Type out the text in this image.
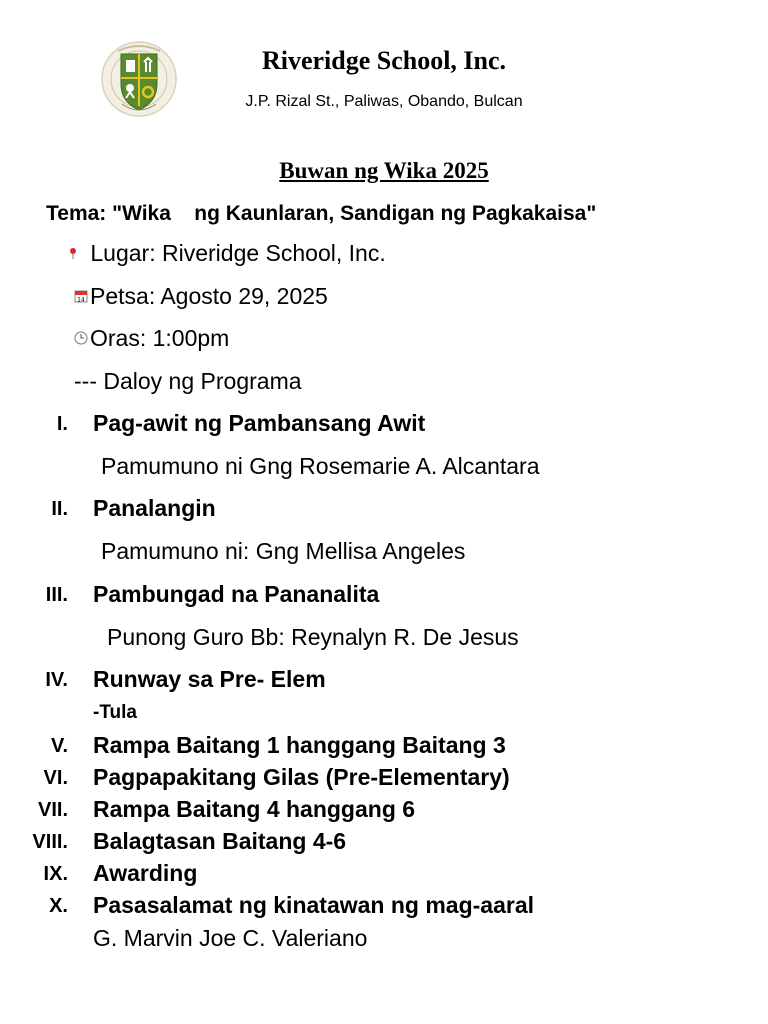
Riveridge School, Inc.
J.P. Rizal St., Paliwas, Obando, Bulcan
Buwan ng Wika 2025
Tema: "Wika    ng Kaunlaran, Sandigan ng Pagkakaisa"
Lugar: Riveridge School, Inc.
14 Petsa: Agosto 29, 2025
Oras: 1:00pm
--- Daloy ng Programa
I. Pag-awit ng Pambansang Awit
Pamumuno ni Gng Rosemarie A. Alcantara
II. Panalangin
Pamumuno ni: Gng Mellisa Angeles
III. Pambungad na Pananalita
Punong Guro Bb: Reynalyn R. De Jesus
IV. Runway sa Pre- Elem
-Tula
V. Rampa Baitang 1 hanggang Baitang 3
VI. Pagpapakitang Gilas (Pre-Elementary)
VII. Rampa Baitang 4 hanggang 6
VIII. Balagtasan Baitang 4-6
IX. Awarding
X. Pasasalamat ng kinatawan ng mag-aaral
G. Marvin Joe C. Valeriano
